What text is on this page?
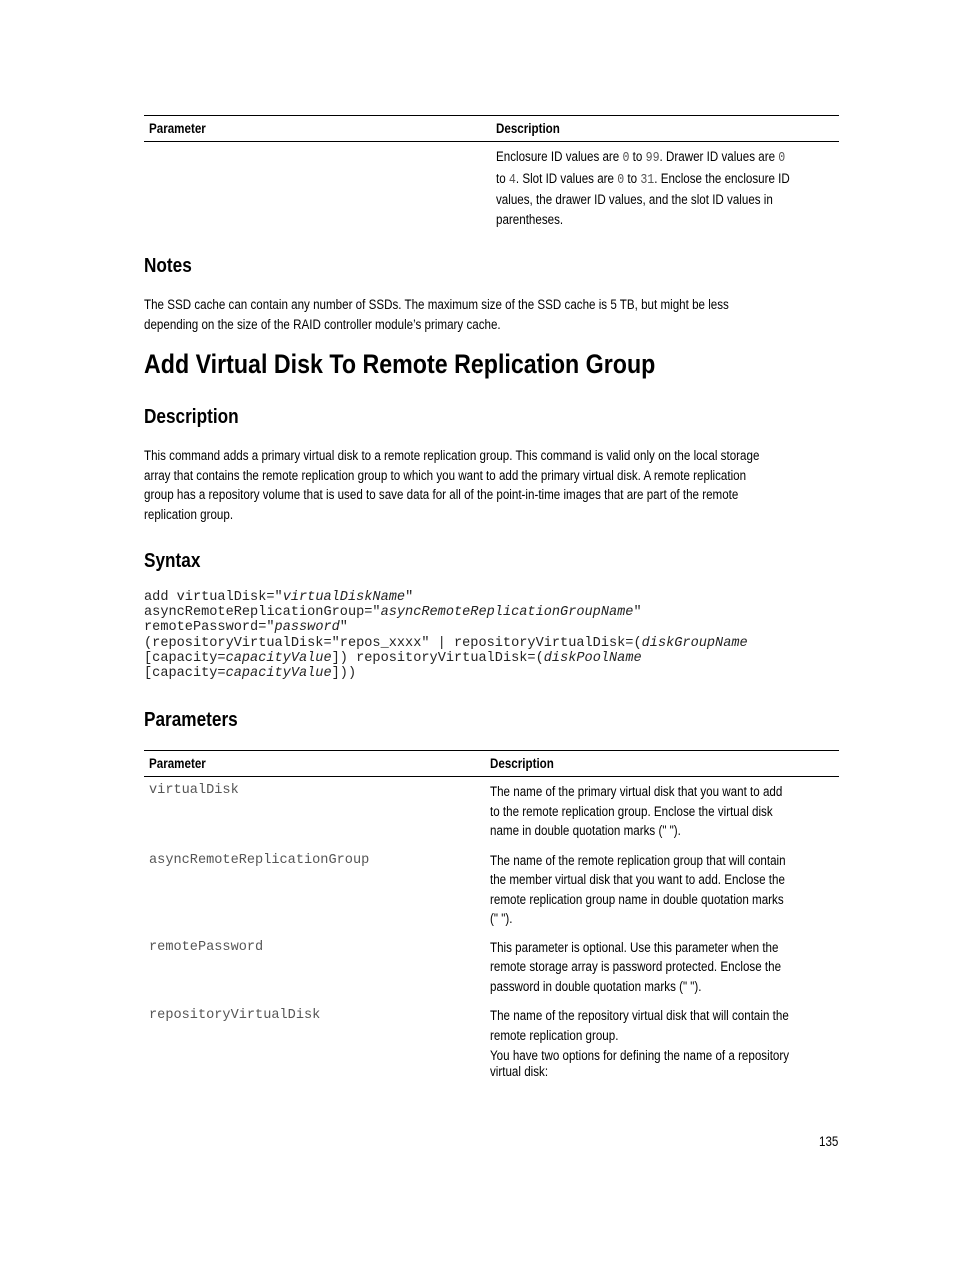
Parameter	Description

	Enclosure ID values are 0 to 99. Drawer ID values are 0
to 4. Slot ID values are 0 to 31. Enclose the enclosure ID
values, the drawer ID values, and the slot ID values in
parentheses.
Notes
The SSD cache can contain any number of SSDs. The maximum size of the SSD cache is 5 TB, but might be less
depending on the size of the RAID controller module’s primary cache.
Add Virtual Disk To Remote Replication Group
Description
This command adds a primary virtual disk to a remote replication group. This command is valid only on the local storage
array that contains the remote replication group to which you want to add the primary virtual disk. A remote replication
group has a repository volume that is used to save data for all of the point-in-time images that are part of the remote
replication group.
Syntax
add virtualDisk="virtualDiskName"
asyncRemoteReplicationGroup="asyncRemoteReplicationGroupName"
remotePassword="password"
(repositoryVirtualDisk="repos_xxxx" | repositoryVirtualDisk=(diskGroupName
[capacity=capacityValue]) repositoryVirtualDisk=(diskPoolName
[capacity=capacityValue]))
Parameters
Parameter	Description
virtualDisk	The name of the primary virtual disk that you want to add
to the remote replication group. Enclose the virtual disk
name in double quotation marks (" ").

asyncRemoteReplicationGroup	The name of the remote replication group that will contain
the member virtual disk that you want to add. Enclose the
remote replication group name in double quotation marks
(" ").

remotePassword	This parameter is optional. Use this parameter when the
remote storage array is password protected. Enclose the
password in double quotation marks (" ").

repositoryVirtualDisk	The name of the repository virtual disk that will contain the
remote replication group.
You have two options for defining the name of a repository
virtual disk:
135
